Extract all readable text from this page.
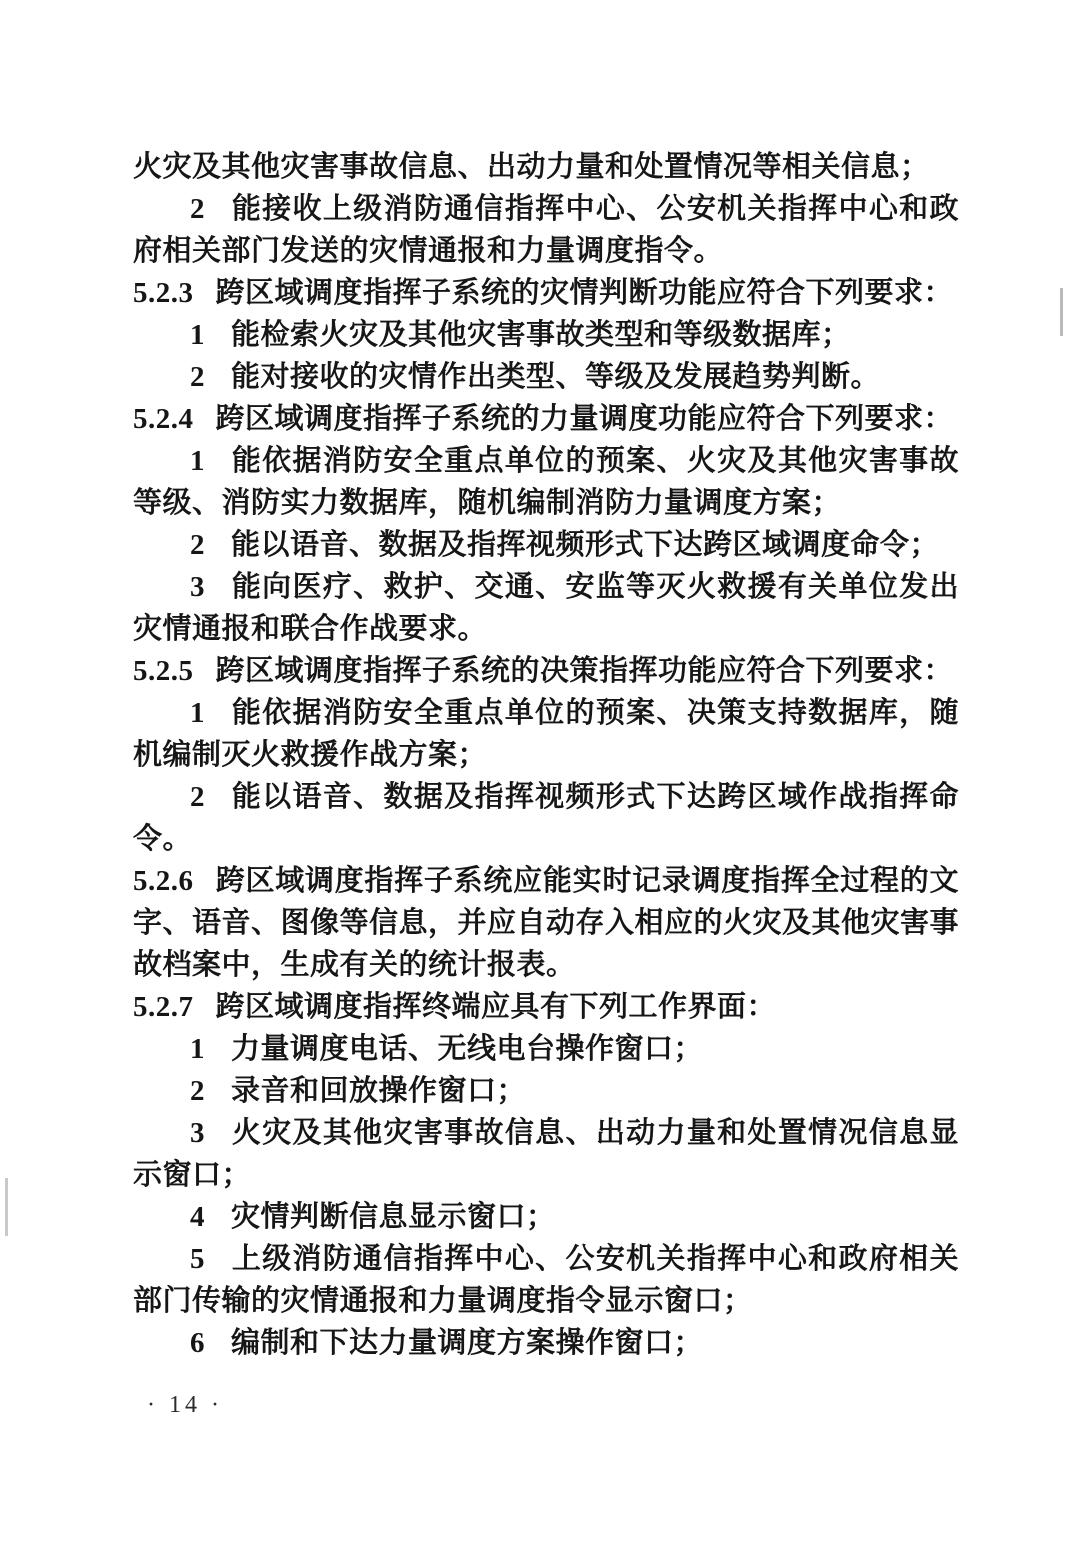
火灾及其他灾害事故信息、出动力量和处置情况等相关信息；

2 能接收上级消防通信指挥中心、公安机关指挥中心和政府相关部门发送的灾情通报和力量调度指令。

5.2.3 跨区域调度指挥子系统的灾情判断功能应符合下列要求：

1 能检索火灾及其他灾害事故类型和等级数据库；

2 能对接收的灾情作出类型、等级及发展趋势判断。

5.2.4 跨区域调度指挥子系统的力量调度功能应符合下列要求：

1 能依据消防安全重点单位的预案、火灾及其他灾害事故等级、消防实力数据库，随机编制消防力量调度方案；

2 能以语音、数据及指挥视频形式下达跨区域调度命令；

3 能向医疗、救护、交通、安监等灭火救援有关单位发出灾情通报和联合作战要求。

5.2.5 跨区域调度指挥子系统的决策指挥功能应符合下列要求：

1 能依据消防安全重点单位的预案、决策支持数据库，随机编制灭火救援作战方案；

2 能以语音、数据及指挥视频形式下达跨区域作战指挥命令。

5.2.6 跨区域调度指挥子系统应能实时记录调度指挥全过程的文字、语音、图像等信息，并应自动存入相应的火灾及其他灾害事故档案中，生成有关的统计报表。

5.2.7 跨区域调度指挥终端应具有下列工作界面：

1 力量调度电话、无线电台操作窗口；

2 录音和回放操作窗口；

3 火灾及其他灾害事故信息、出动力量和处置情况信息显示窗口；

4 灾情判断信息显示窗口；

5 上级消防通信指挥中心、公安机关指挥中心和政府相关部门传输的灾情通报和力量调度指令显示窗口；

6 编制和下达力量调度方案操作窗口；

· 14 ·
